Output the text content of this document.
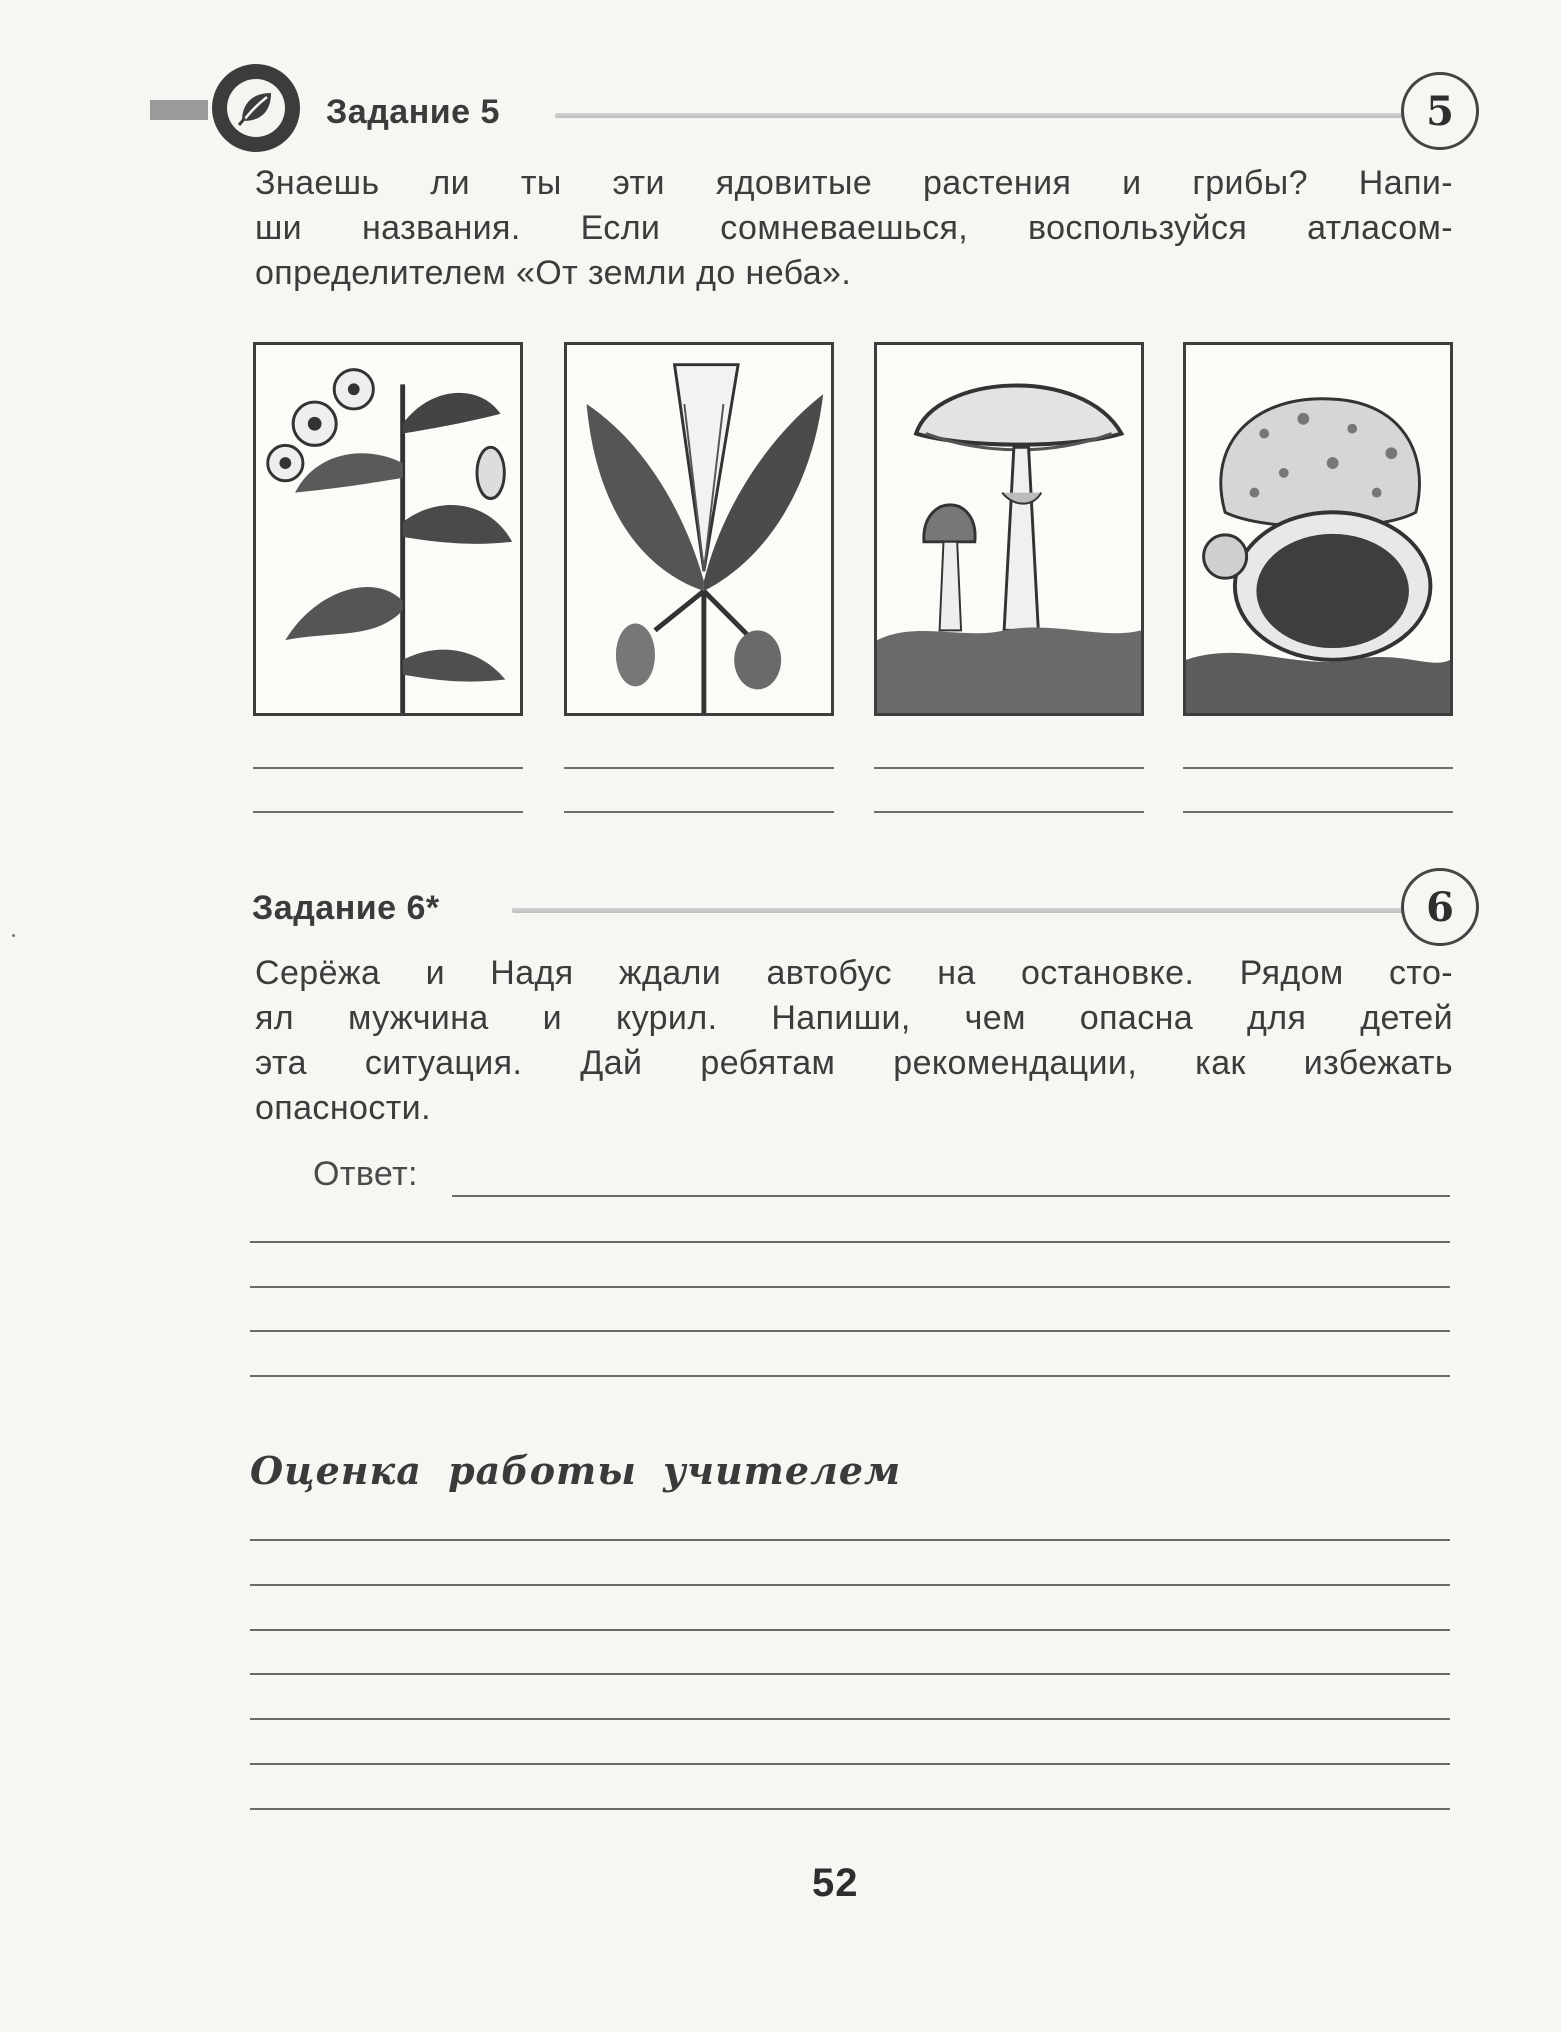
Задание 5	5
Знаешь ли ты эти ядовитые растения и грибы? Напи-
ши названия. Если сомневаешься, воспользуйся атласом-
определителем «От земли до неба».
Задание 6*	6
Серёжа и Надя ждали автобус на остановке. Рядом сто-
ял мужчина и курил. Напиши, чем опасна для детей
эта ситуация. Дай ребятам рекомендации, как избежать
опасности.
Ответ:
Оценка работы учителем
52
